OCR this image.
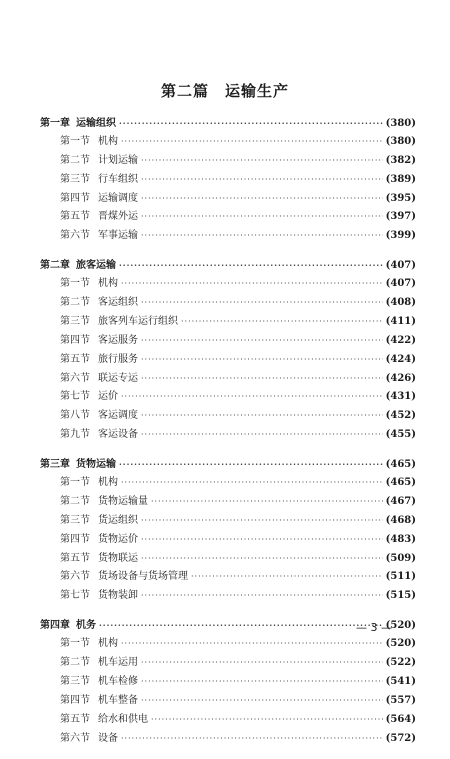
第二篇　运输生产
第一章 运输组织 ·····	(380)
第一节 机构 ·····	(380)
第二节 计划运输 ·····	(382)
第三节 行车组织 ·····	(389)
第四节 运输调度 ·····	(395)
第五节 晋煤外运 ·····	(397)
第六节 军事运输 ·····	(399)
第二章 旅客运输 ·····	(407)
第一节 机构 ·····	(407)
第二节 客运组织 ·····	(408)
第三节 旅客列车运行组织 ·····	(411)
第四节 客运服务 ·····	(422)
第五节 旅行服务 ·····	(424)
第六节 联运专运 ·····	(426)
第七节 运价 ·····	(431)
第八节 客运调度 ·····	(452)
第九节 客运设备 ·····	(455)
第三章 货物运输 ·····	(465)
第一节 机构 ·····	(465)
第二节 货物运输量 ·····	(467)
第三节 货运组织 ·····	(468)
第四节 货物运价 ·····	(483)
第五节 货物联运 ·····	(509)
第六节 货场设备与货场管理 ·····	(511)
第七节 货物装卸 ·····	(515)
第四章 机务 ·····	(520)
第一节 机构 ·····	(520)
第二节 机车运用 ·····	(522)
第三节 机车检修 ·····	(541)
第四节 机车整备 ·····	(557)
第五节 给水和供电 ·····	(564)
第六节 设备 ·····	(572)
— 3 —
